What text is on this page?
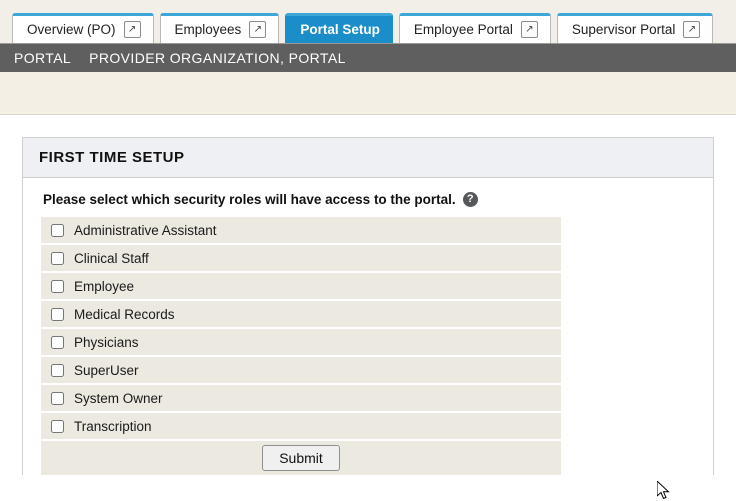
Overview (PO)	↗	Employees	↗	Portal Setup	Employee Portal	↗	Supervisor Portal	↗
PORTAL PROVIDER ORGANIZATION, PORTAL
FIRST TIME SETUP
Please select which security roles will have access to the portal.	?
Administrative Assistant
Clinical Staff
Employee
Medical Records
Physicians
SuperUser
System Owner
Transcription
Submit
